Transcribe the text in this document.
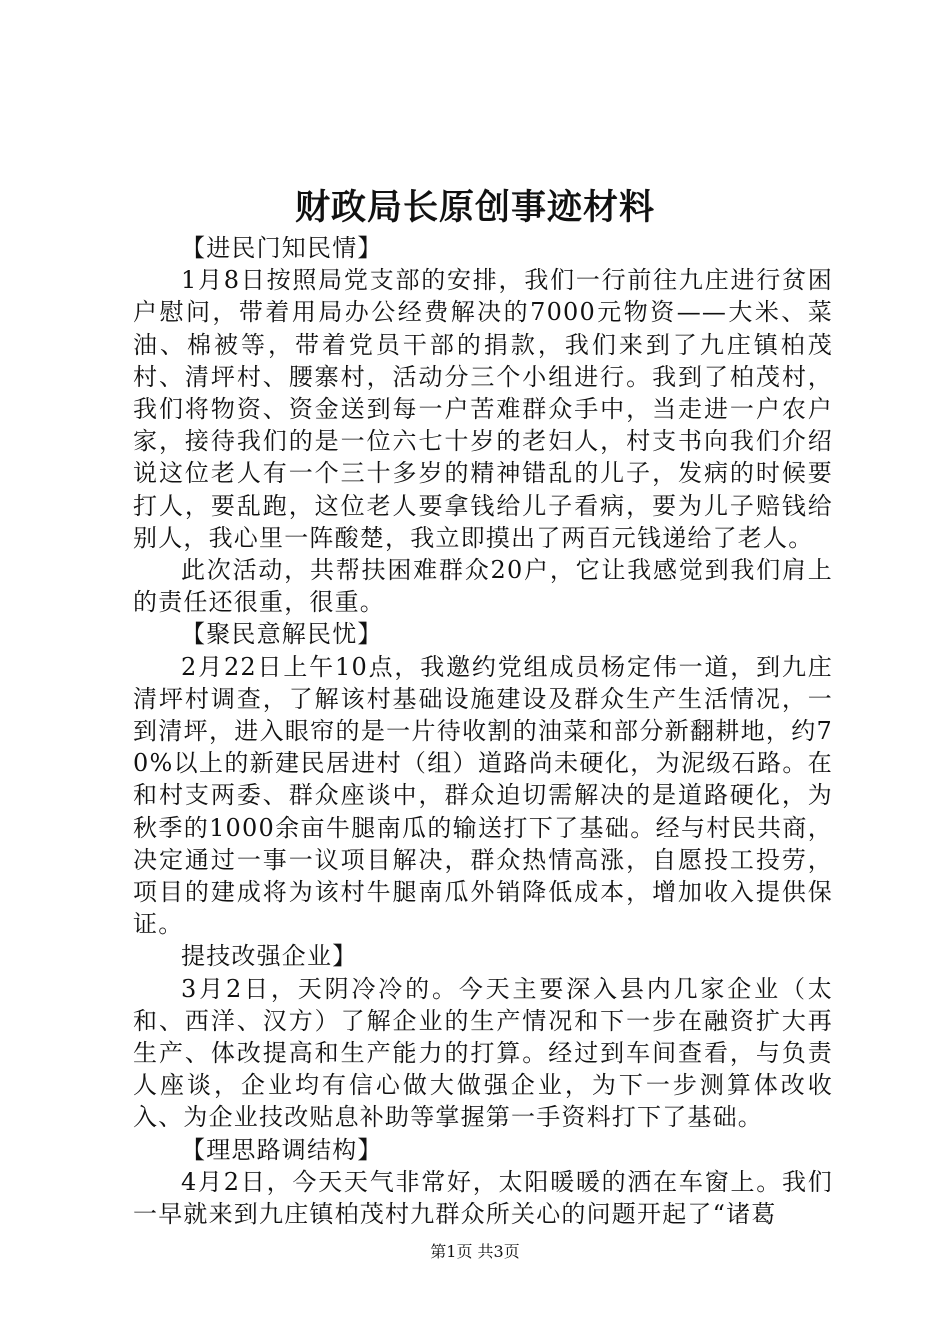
财政局长原创事迹材料

【进民门知民情】

1月8日按照局党支部的安排，我们一行前往九庄进行贫困户慰问，带着用局办公经费解决的7000元物资——大米、菜油、棉被等，带着党员干部的捐款，我们来到了九庄镇柏茂村、清坪村、腰寨村，活动分三个小组进行。我到了柏茂村，我们将物资、资金送到每一户苦难群众手中，当走进一户农户家，接待我们的是一位六七十岁的老妇人，村支书向我们介绍说这位老人有一个三十多岁的精神错乱的儿子，发病的时候要打人，要乱跑，这位老人要拿钱给儿子看病，要为儿子赔钱给别人，我心里一阵酸楚，我立即摸出了两百元钱递给了老人。

此次活动，共帮扶困难群众20户，它让我感觉到我们肩上的责任还很重，很重。

【聚民意解民忧】

2月22日上午10点，我邀约党组成员杨定伟一道，到九庄清坪村调查，了解该村基础设施建设及群众生产生活情况，一到清坪，进入眼帘的是一片待收割的油菜和部分新翻耕地，约70%以上的新建民居进村（组）道路尚未硬化，为泥级石路。在和村支两委、群众座谈中，群众迫切需解决的是道路硬化，为秋季的1000余亩牛腿南瓜的输送打下了基础。经与村民共商，决定通过一事一议项目解决，群众热情高涨，自愿投工投劳，项目的建成将为该村牛腿南瓜外销降低成本，增加收入提供保证。

提技改强企业】

3月2日，天阴冷冷的。今天主要深入县内几家企业（太和、西洋、汉方）了解企业的生产情况和下一步在融资扩大再生产、体改提高和生产能力的打算。经过到车间查看，与负责人座谈，企业均有信心做大做强企业，为下一步测算体改收入、为企业技改贴息补助等掌握第一手资料打下了基础。

【理思路调结构】

4月2日，今天天气非常好，太阳暖暖的洒在车窗上。我们一早就来到九庄镇柏茂村九群众所关心的问题开起了“诸葛

第1页 共3页
